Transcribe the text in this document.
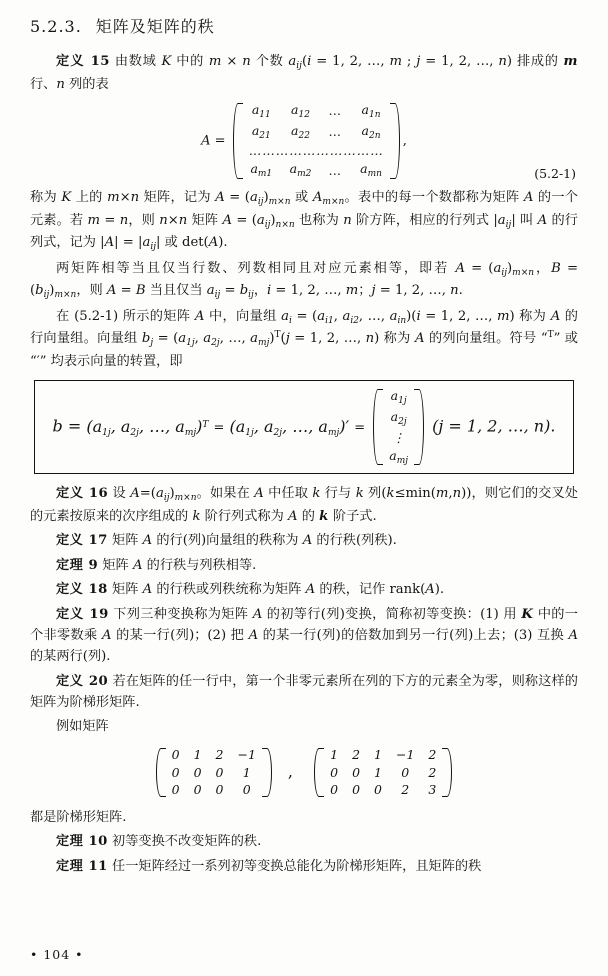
5.2.3. 矩阵及矩阵的秩

定义 15 由数域 K 中的 m × n 个数 $a_{ij}(i = 1$, 2, …, m ; j = 1, 2, …, n) 排成的 m 行、n 列的表

A =
$a_{11}$	$a_{12}$	…	$a_{1n}$
$a_{21}$	$a_{22}$	…	$a_{2n}$
…………………………			
$a_{m1}$	$a_{m2}$	…	$a_{mn}$
,
(5.2-1)

称为 K 上的 m×n 矩阵，记为 $A = (a_{ij})_{m\times n}$ 或 $A_{m\times n}$。表中的每一个数都称为矩阵 A 的一个元素。若 m = n，则 n×n 矩阵 $A = (a_{ij})_{n\times n}$ 也称为 n 阶方阵，相应的行列式 $|a_{ij}|$ 叫 A 的行列式，记为 $|A| = |a_{ij}|$ 或 det(A).

两矩阵相等当且仅当行数、列数相同且对应元素相等，即若 $A = (a_{ij})_{m\times n}$，$B = (b_{ij})_{m\times n}$，则 A = B 当且仅当 $a_{ij} = b_{ij}$，i = 1, 2, …, m；j = 1, 2, …, n.

在 (5.2-1) 所示的矩阵 A 中，向量组 $a_i = (a_{i1}$, $a_{i2}$, …, $a_{in})(i = 1$, 2, …, m) 称为 A 的行向量组。向量组 $b_j = (a_{1j}$, $a_{2j}$, …, $a_{mj})^T(j = 1$, 2, …, n) 称为 A 的列向量组。符号 “$^T$” 或 “′” 均表示向量的转置，即

$b = (a_{1j}$, $a_{2j}$, …, $a_{mj})^T = (a_{1j}$, $a_{2j}$, …, $a_{mj})'$ =
$a_{1j}$
$a_{2j}$
⋮
$a_{mj}$
(j = 1, 2, …, n).

定义 16 设 $A=(a_{ij})_{m\times n}$。如果在 A 中任取 k 行与 k 列(k≤min(m,n))，则它们的交叉处的元素按原来的次序组成的 k 阶行列式称为 A 的 k 阶子式.

定义 17 矩阵 A 的行(列)向量组的秩称为 A 的行秩(列秩).

定理 9 矩阵 A 的行秩与列秩相等.

定义 18 矩阵 A 的行秩或列秩统称为矩阵 A 的秩，记作 rank(A).

定义 19 下列三种变换称为矩阵 A 的初等行(列)变换，简称初等变换：(1) 用 K 中的一个非零数乘 A 的某一行(列)；(2) 把 A 的某一行(列)的倍数加到另一行(列)上去；(3) 互换 A 的某两行(列).

定义 20 若在矩阵的任一行中，第一个非零元素所在列的下方的元素全为零，则称这样的矩阵为阶梯形矩阵.

例如矩阵

0	1	2	−1
0	0	0	1
0	0	0	0
,
1	2	1	−1	2
0	0	1	0	2
0	0	0	2	3

都是阶梯形矩阵.

定理 10 初等变换不改变矩阵的秩.

定理 11 任一矩阵经过一系列初等变换总能化为阶梯形矩阵，且矩阵的秩

• 104 •
